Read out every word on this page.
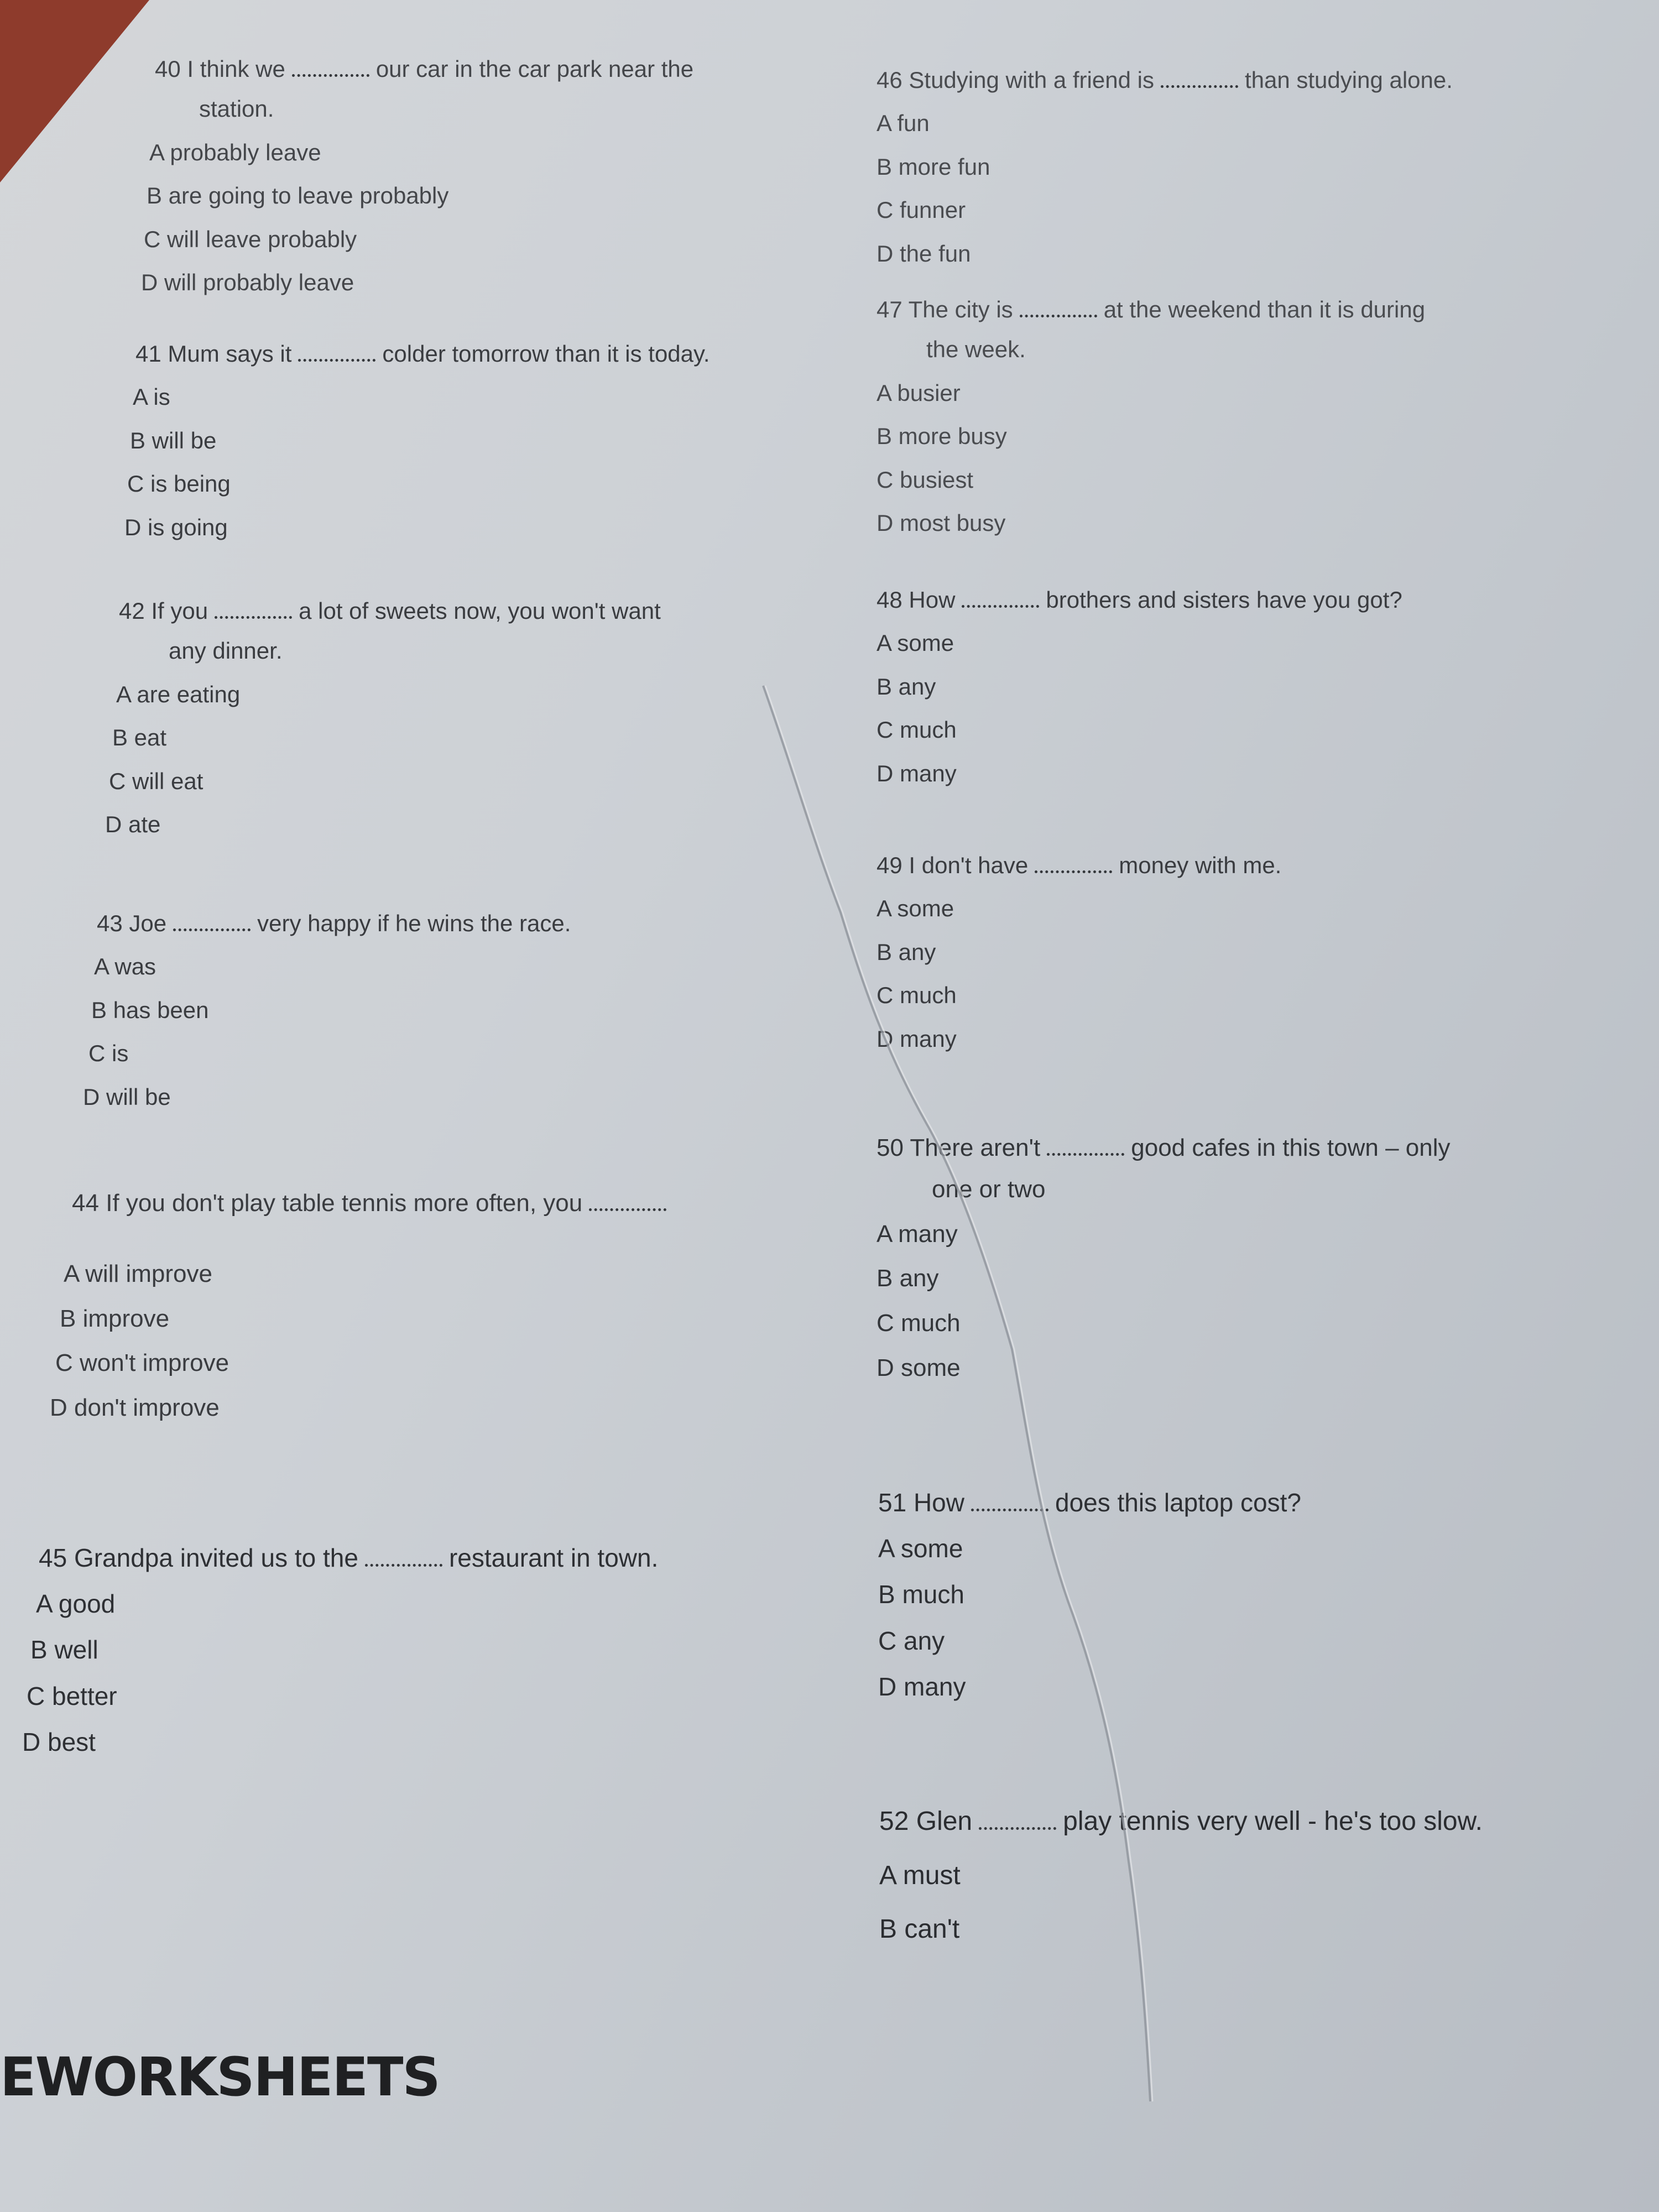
40 I think we	our car in the car park near the
station.
A probably leave
B are going to leave probably
C will leave probably
D will probably leave
41 Mum says it	colder tomorrow than it is today.
A is
B will be
C is being
D is going
42 If you	a lot of sweets now, you won't want
any dinner.
A are eating
B eat
C will eat
D ate
43 Joe	very happy if he wins the race.
A was
B has been
C is
D will be
44 If you don't play table tennis more often, you
A will improve
B improve
C won't improve
D don't improve
45 Grandpa invited us to the	restaurant in town.
A good
B well
C better
D best
46 Studying with a friend is	than studying alone.
A fun
B more fun
C funner
D the fun
47 The city is	at the weekend than it is during
the week.
A busier
B more busy
C busiest
D most busy
48 How	brothers and sisters have you got?
A some
B any
C much
D many
49 I don't have	money with me.
A some
B any
C much
D many
50 There aren't	good cafes in this town – only
one or two
A many
B any
C much
D some
51 How	does this laptop cost?
A some
B much
C any
D many
52 Glen	play tennis very well - he's too slow.
A must
B can't
EWORKSHEETS
